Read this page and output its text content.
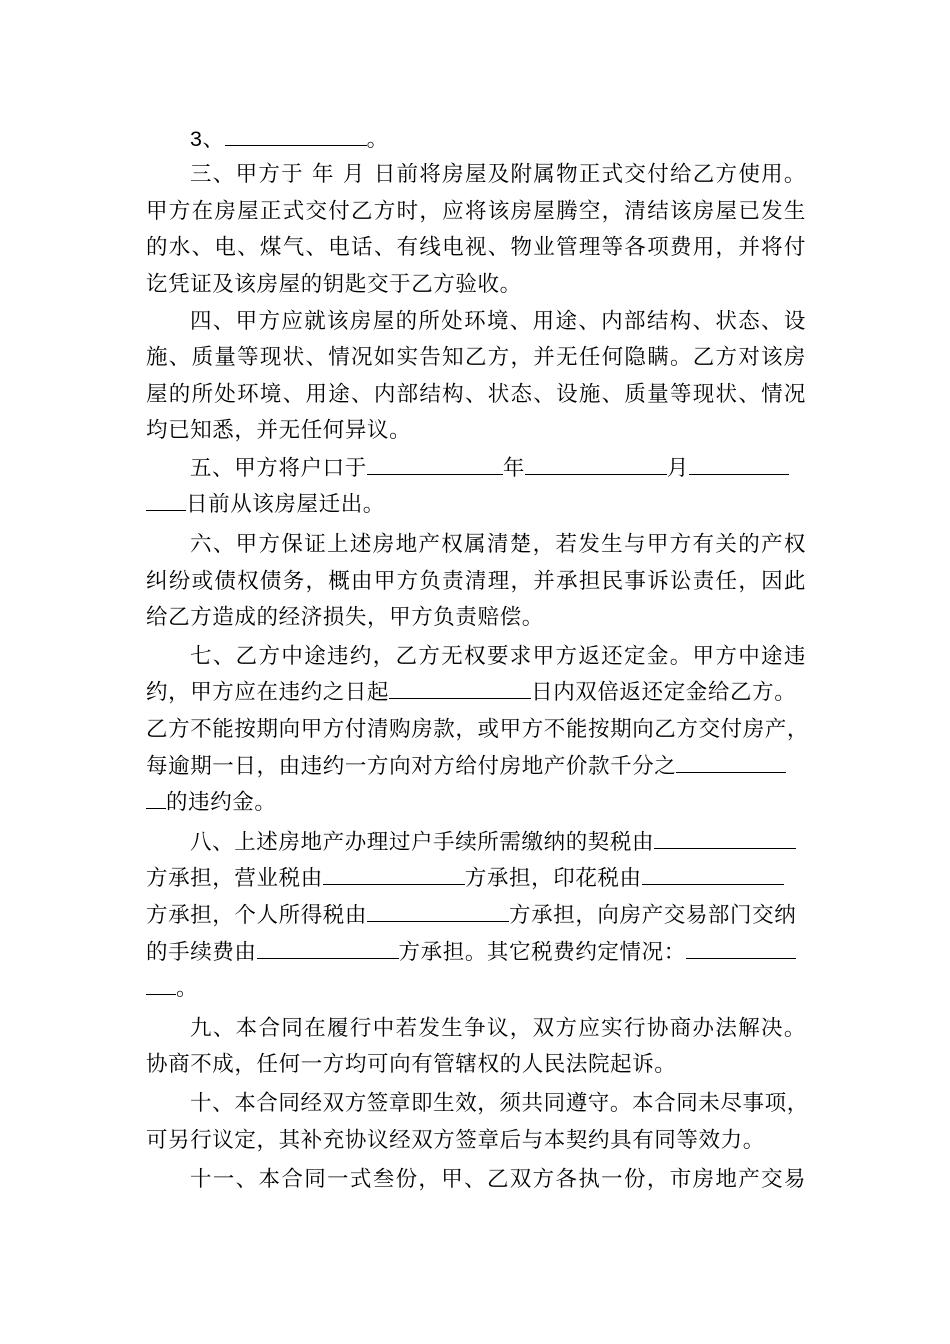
3、	。
三、甲方于 年 月 日前将房屋及附属物正式交付给乙方使用。
甲方在房屋正式交付乙方时，应将该房屋腾空，清结该房屋已发生
的水、电、煤气、电话、有线电视、物业管理等各项费用，并将付
讫凭证及该房屋的钥匙交于乙方验收。
四、甲方应就该房屋的所处环境、用途、内部结构、状态、设
施、质量等现状、情况如实告知乙方，并无任何隐瞒。乙方对该房
屋的所处环境、用途、内部结构、状态、设施、质量等现状、情况
均已知悉，并无任何异议。
五、甲方将户口于	年	月
日前从该房屋迁出。
六、甲方保证上述房地产权属清楚，若发生与甲方有关的产权
纠纷或债权债务，概由甲方负责清理，并承担民事诉讼责任，因此
给乙方造成的经济损失，甲方负责赔偿。
七、乙方中途违约，乙方无权要求甲方返还定金。甲方中途违
约，甲方应在违约之日起	日内双倍返还定金给乙方。
乙方不能按期向甲方付清购房款，或甲方不能按期向乙方交付房产，
每逾期一日，由违约一方向对方给付房地产价款千分之
的违约金。
八、上述房地产办理过户手续所需缴纳的契税由
方承担，营业税由	方承担，印花税由
方承担，个人所得税由	方承担，向房产交易部门交纳
的手续费由	方承担。其它税费约定情况：
。
九、本合同在履行中若发生争议，双方应实行协商办法解决。
协商不成，任何一方均可向有管辖权的人民法院起诉。
十、本合同经双方签章即生效，须共同遵守。本合同未尽事项，
可另行议定，其补充协议经双方签章后与本契约具有同等效力。
十一、本合同一式叁份，甲、乙双方各执一份，市房地产交易
